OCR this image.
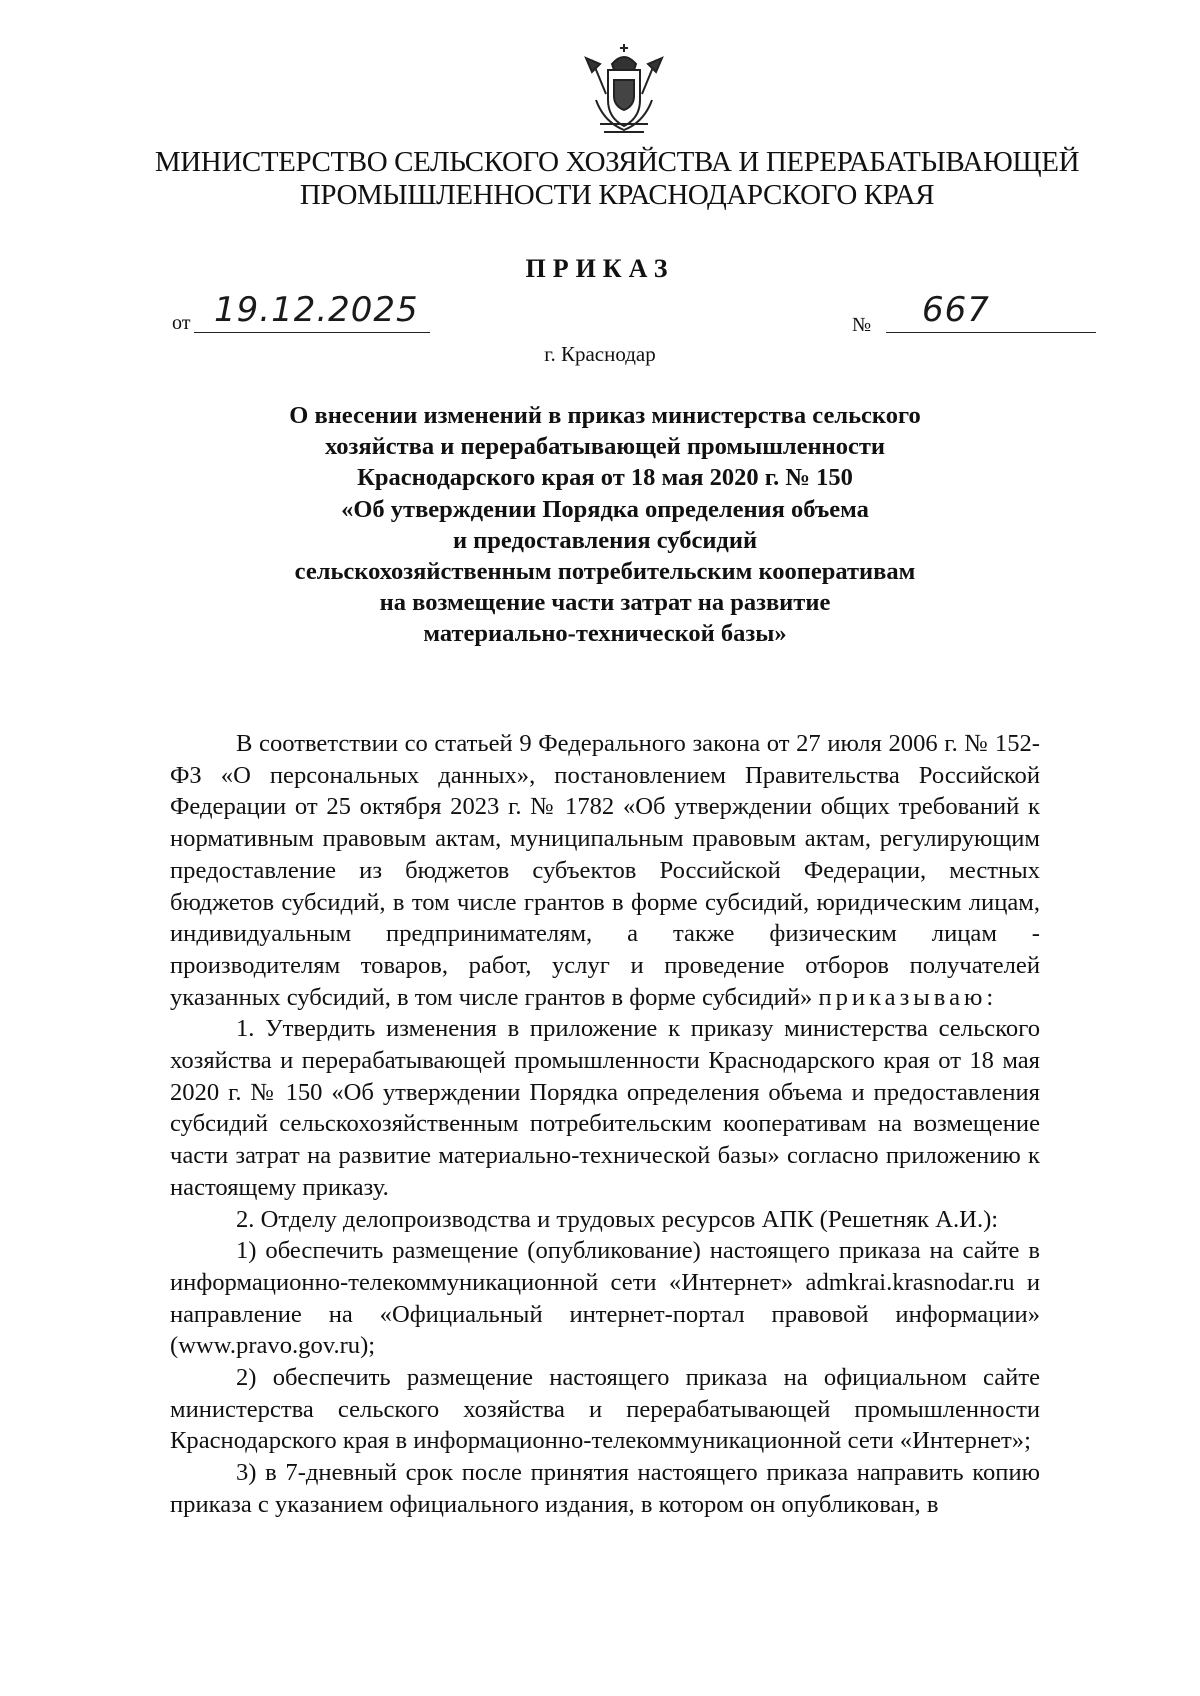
МИНИСТЕРСТВО СЕЛЬСКОГО ХОЗЯЙСТВА И ПЕРЕРАБАТЫВАЮЩЕЙ
ПРОМЫШЛЕННОСТИ КРАСНОДАРСКОГО КРАЯ
ПРИКАЗ
от 19.12.2025	№ 667
г. Краснодар
О внесении изменений в приказ министерства сельского
хозяйства и перерабатывающей промышленности
Краснодарского края от 18 мая 2020 г. № 150
«Об утверждении Порядка определения объема
и предоставления субсидий
сельскохозяйственным потребительским кооперативам
на возмещение части затрат на развитие
материально-технической базы»

В соответствии со статьей 9 Федерального закона от 27 июля 2006 г. № 152-ФЗ «О персональных данных», постановлением Правительства Российской Федерации от 25 октября 2023 г. № 1782 «Об утверждении общих требований к нормативным правовым актам, муниципальным правовым актам, регулирующим предоставление из бюджетов субъектов Российской Федерации, местных бюджетов субсидий, в том числе грантов в форме субсидий, юридическим лицам, индивидуальным предпринимателям, а также физическим лицам - производителям товаров, работ, услуг и проведение отборов получателей указанных субсидий, в том числе грантов в форме субсидий» приказываю:

1. Утвердить изменения в приложение к приказу министерства сельского хозяйства и перерабатывающей промышленности Краснодарского края от 18 мая 2020 г. № 150 «Об утверждении Порядка определения объема и предоставления субсидий сельскохозяйственным потребительским кооперативам на возмещение части затрат на развитие материально-технической базы» согласно приложению к настоящему приказу.

2. Отделу делопроизводства и трудовых ресурсов АПК (Решетняк А.И.):

1) обеспечить размещение (опубликование) настоящего приказа на сайте в информационно-телекоммуникационной сети «Интернет» admkrai.krasnodar.ru и направление на «Официальный интернет-портал правовой информации» (www.pravo.gov.ru);

2) обеспечить размещение настоящего приказа на официальном сайте министерства сельского хозяйства и перерабатывающей промышленности Краснодарского края в информационно-телекоммуникационной сети «Интернет»;

3) в 7-дневный срок после принятия настоящего приказа направить копию приказа с указанием официального издания, в котором он опубликован, в
